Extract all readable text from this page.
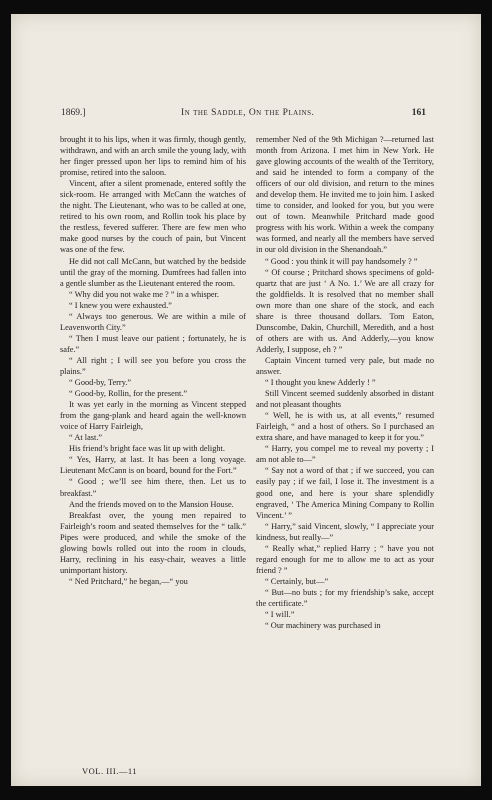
1869.]	In the Saddle, On the Plains.	161

brought it to his lips, when it was firmly, though gently, withdrawn, and with an arch smile the young lady, with her finger pressed upon her lips to remind him of his promise, retired into the saloon.

Vincent, after a silent promenade, entered softly the sick-room. He arranged with McCann the watches of the night. The Lieutenant, who was to be called at one, retired to his own room, and Rollin took his place by the restless, fevered sufferer. There are few men who make good nurses by the couch of pain, but Vincent was one of the few.

He did not call McCann, but watched by the bedside until the gray of the morning. Dumfrees had fallen into a gentle slumber as the Lieutenant entered the room.

“ Why did you not wake me ? ” in a whisper.

“ I knew you were exhausted.”

“ Always too generous. We are within a mile of Leavenworth City.”

“ Then I must leave our patient ; fortunately, he is safe.”

“ All right ; I will see you before you cross the plains.”

“ Good-by, Terry.”

“ Good-by, Rollin, for the present.”

It was yet early in the morning as Vincent stepped from the gang-plank and heard again the well-known voice of Harry Fairleigh,

“ At last.”

His friend’s bright face was lit up with delight.

“ Yes, Harry, at last. It has been a long voyage. Lieutenant McCann is on board, bound for the Fort.”

“ Good ; we’ll see him there, then. Let us to breakfast.”

And the friends moved on to the Mansion House.

Breakfast over, the young men repaired to Fairleigh’s room and seated themselves for the “ talk.” Pipes were produced, and while the smoke of the glowing bowls rolled out into the room in clouds, Harry, reclining in his easy-chair, weaves a little unimportant history.

“ Ned Pritchard,” he began,—“ you

remember Ned of the 9th Michigan ?—returned last month from Arizona. I met him in New York. He gave glowing accounts of the wealth of the Territory, and said he intended to form a company of the officers of our old division, and return to the mines and develop them. He invited me to join him. I asked time to consider, and looked for you, but you were out of town. Meanwhile Pritchard made good progress with his work. Within a week the company was formed, and nearly all the members have served in our old division in the Shenandoah.”

“ Good : you think it will pay handsomely ? ”

“ Of course ; Pritchard shows specimens of gold-quartz that are just ‘ A No. 1.’ We are all crazy for the goldfields. It is resolved that no member shall own more than one share of the stock, and each share is three thousand dollars. Tom Eaton, Dunscombe, Dakin, Churchill, Meredith, and a host of others are with us. And Adderly,—you know Adderly, I suppose, eh ? ”

Captain Vincent turned very pale, but made no answer.

“ I thought you knew Adderly ! ”

Still Vincent seemed suddenly absorbed in distant and not pleasant thoughts

“ Well, he is with us, at all events,” resumed Fairleigh, “ and a host of others. So I purchased an extra share, and have managed to keep it for you.”

“ Harry, you compel me to reveal my poverty ; I am not able to—”

“ Say not a word of that ; if we succeed, you can easily pay ; if we fail, I lose it. The investment is a good one, and here is your share splendidly engraved, ‘ The America Mining Company to Rollin Vincent.’ ”

“ Harry,” said Vincent, slowly, “ I appreciate your kindness, but really—”

“ Really what,” replied Harry ; “ have you not regard enough for me to allow me to act as your friend ? ”

“ Certainly, but—”

“ But—no buts ; for my friendship’s sake, accept the certificate.”

“ I will.”

“ Our machinery was purchased in

VOL. III.—11
